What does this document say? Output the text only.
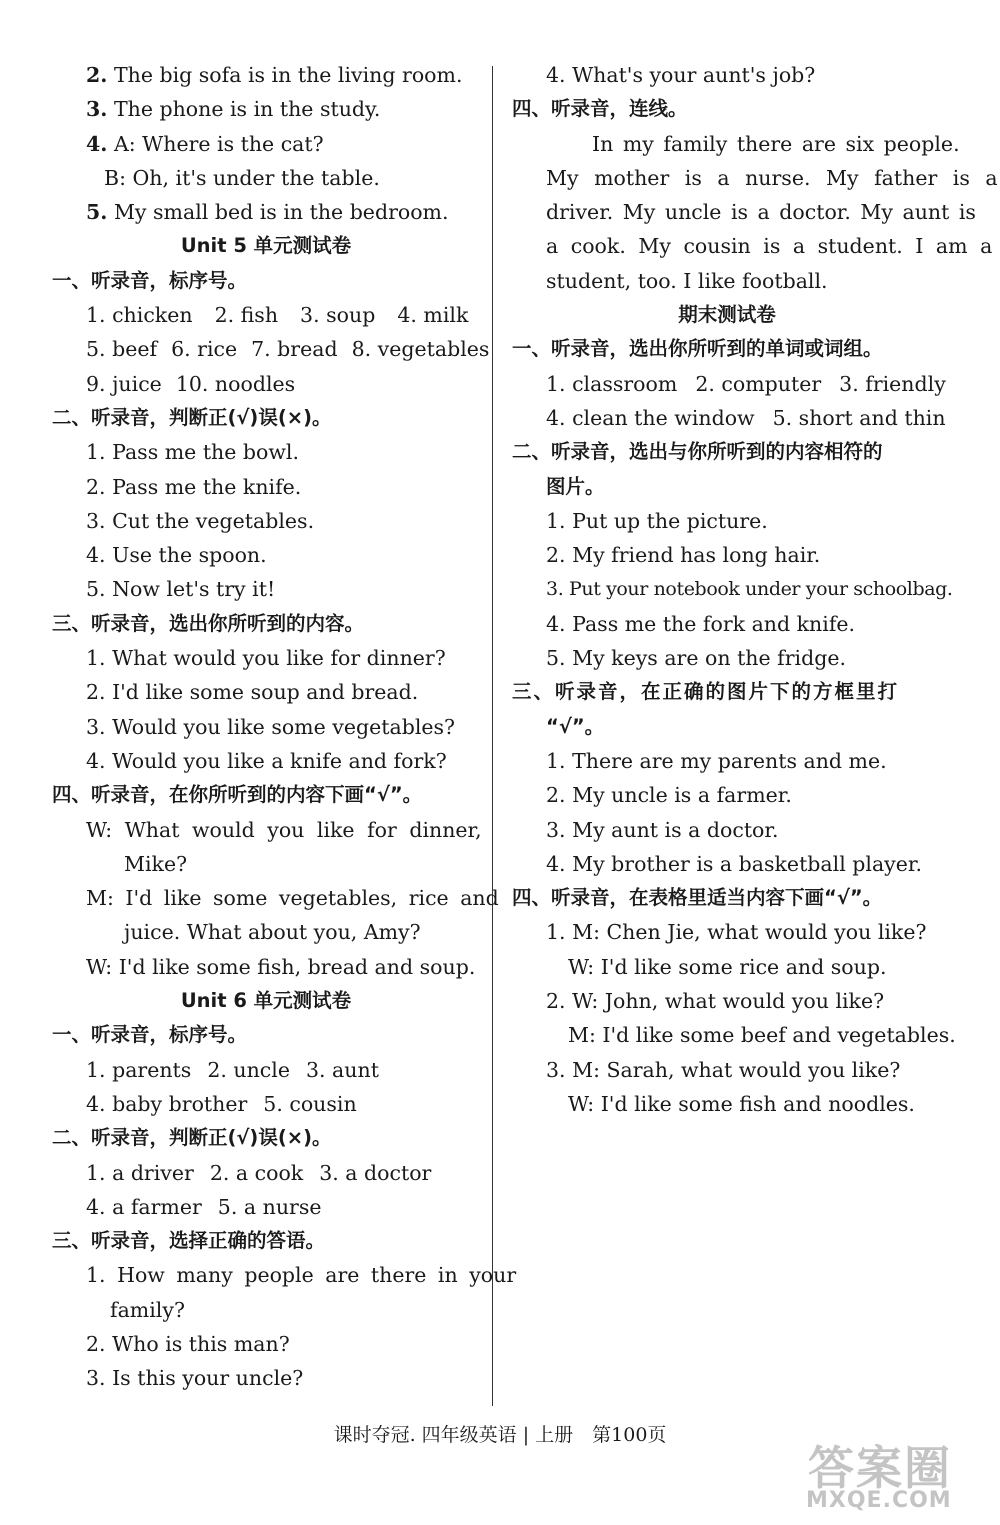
2. The big sofa is in the living room.
3. The phone is in the study.
4. A: Where is the cat?
B: Oh, it's under the table.
5. My small bed is in the bedroom.
Unit 5 单元测试卷
一、听录音，标序号。
1. chicken 2. fish 3. soup 4. milk
5. beef 6. rice 7. bread 8. vegetables
9. juice 10. noodles
二、听录音，判断正(√)误(×)。
1. Pass me the bowl.
2. Pass me the knife.
3. Cut the vegetables.
4. Use the spoon.
5. Now let's try it!
三、听录音，选出你所听到的内容。
1. What would you like for dinner?
2. I'd like some soup and bread.
3. Would you like some vegetables?
4. Would you like a knife and fork?
四、听录音，在你所听到的内容下画“√”。
W: What would you like for dinner,
Mike?
M: I'd like some vegetables, rice and
juice. What about you, Amy?
W: I'd like some fish, bread and soup.
Unit 6 单元测试卷
一、听录音，标序号。
1. parents 2. uncle 3. aunt
4. baby brother 5. cousin
二、听录音，判断正(√)误(×)。
1. a driver 2. a cook 3. a doctor
4. a farmer 5. a nurse
三、听录音，选择正确的答语。
1. How many people are there in your
family?
2. Who is this man?
3. Is this your uncle?
4. What's your aunt's job?
四、听录音，连线。
In my family there are six people.
My mother is a nurse. My father is a
driver. My uncle is a doctor. My aunt is
a cook. My cousin is a student. I am a
student, too. I like football.
期末测试卷
一、听录音，选出你所听到的单词或词组。
1. classroom 2. computer 3. friendly
4. clean the window 5. short and thin
二、听录音，选出与你所听到的内容相符的
图片。
1. Put up the picture.
2. My friend has long hair.
3. Put your notebook under your schoolbag.
4. Pass me the fork and knife.
5. My keys are on the fridge.
三、听录音，在正确的图片下的方框里打
“√”。
1. There are my parents and me.
2. My uncle is a farmer.
3. My aunt is a doctor.
4. My brother is a basketball player.
四、听录音，在表格里适当内容下画“√”。
1. M: Chen Jie, what would you like?
W: I'd like some rice and soup.
2. W: John, what would you like?
M: I'd like some beef and vegetables.
3. M: Sarah, what would you like?
W: I'd like some fish and noodles.
课时夺冠. 四年级英语 | 上册　第100页
答案圈
MXQE.COM
